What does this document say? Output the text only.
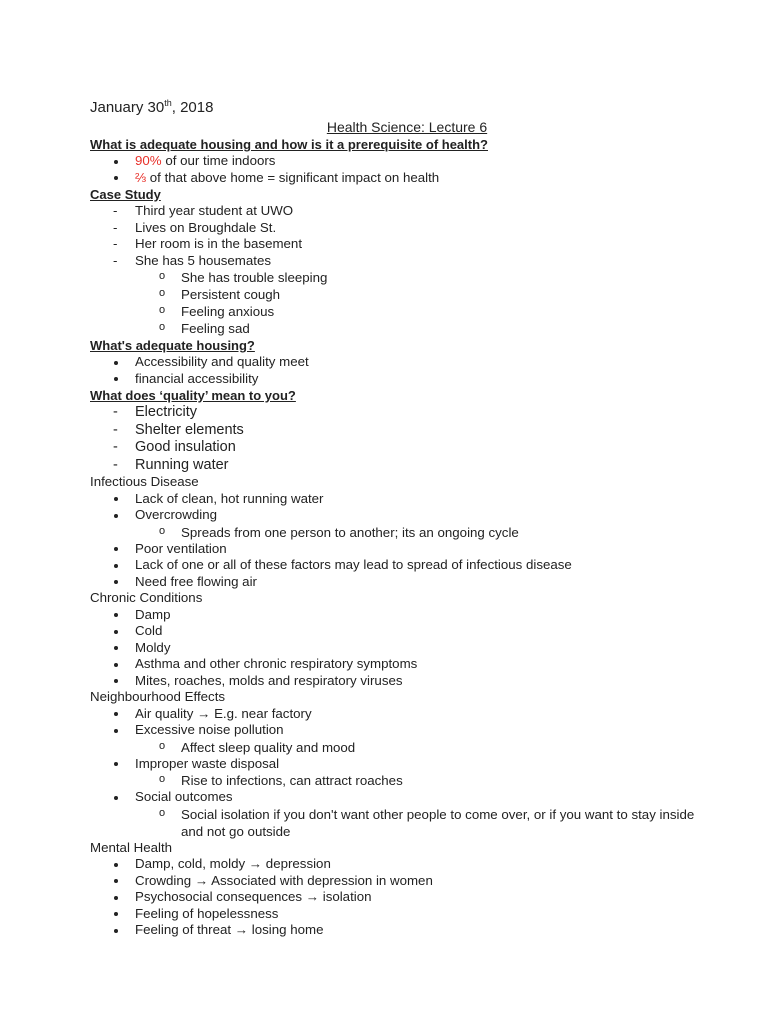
January 30th, 2018
Health Science: Lecture 6
What is adequate housing and how is it a prerequisite of health?
90% of our time indoors
⅔ of that above home = significant impact on health
Case Study
- Third year student at UWO
- Lives on Broughdale St.
- Her room is in the basement
- She has 5 housemates
o She has trouble sleeping
o Persistent cough
o Feeling anxious
o Feeling sad
What's adequate housing?
Accessibility and quality meet
financial accessibility
What does ‘quality’ mean to you?
- Electricity
- Shelter elements
- Good insulation
- Running water
Infectious Disease
Lack of clean, hot running water
Overcrowding
o Spreads from one person to another; its an ongoing cycle
Poor ventilation
Lack of one or all of these factors may lead to spread of infectious disease
Need free flowing air
Chronic Conditions
Damp
Cold
Moldy
Asthma and other chronic respiratory symptoms
Mites, roaches, molds and respiratory viruses
Neighbourhood Effects
Air quality → E.g. near factory
Excessive noise pollution
o Affect sleep quality and mood
Improper waste disposal
o Rise to infections, can attract roaches
Social outcomes
o Social isolation if you don't want other people to come over, or if you want to stay inside and not go outside
Mental Health
Damp, cold, moldy → depression
Crowding → Associated with depression in women
Psychosocial consequences → isolation
Feeling of hopelessness
Feeling of threat → losing home
